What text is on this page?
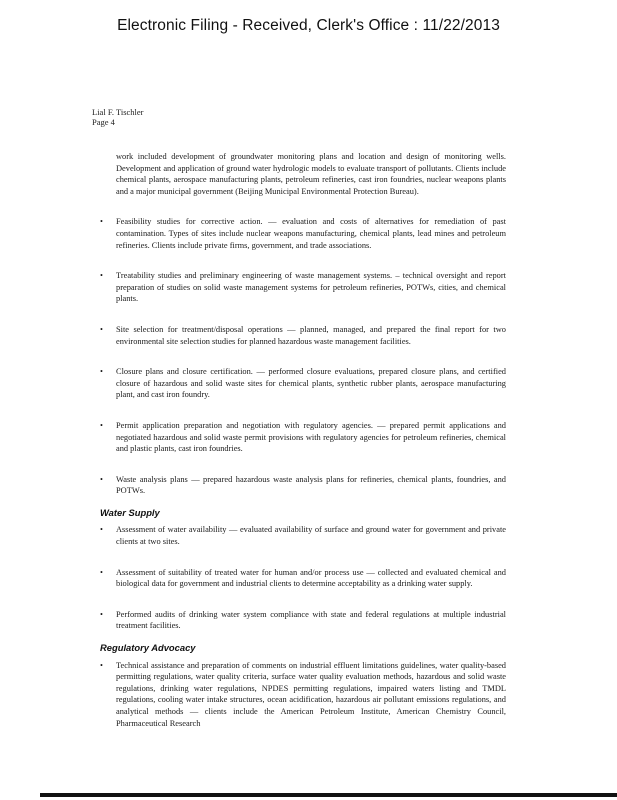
Electronic Filing - Received, Clerk's Office : 11/22/2013
Lial F. Tischler
Page 4

work included development of groundwater monitoring plans and location and design of monitoring wells. Development and application of ground water hydrologic models to evaluate transport of pollutants. Clients include chemical plants, aerospace manufacturing plants, petroleum refineries, cast iron foundries, nuclear weapons plants and a major municipal government (Beijing Municipal Environmental Protection Bureau).

•	Feasibility studies for corrective action. — evaluation and costs of alternatives for remediation of past contamination. Types of sites include nuclear weapons manufacturing, chemical plants, lead mines and petroleum refineries. Clients include private firms, government, and trade associations.
•	Treatability studies and preliminary engineering of waste management systems. – technical oversight and report preparation of studies on solid waste management systems for petroleum refineries, POTWs, cities, and chemical plants.
•	Site selection for treatment/disposal operations — planned, managed, and prepared the final report for two environmental site selection studies for planned hazardous waste management facilities.
•	Closure plans and closure certification. — performed closure evaluations, prepared closure plans, and certified closure of hazardous and solid waste sites for chemical plants, synthetic rubber plants, aerospace manufacturing plant, and cast iron foundry.
•	Permit application preparation and negotiation with regulatory agencies. — prepared permit applications and negotiated hazardous and solid waste permit provisions with regulatory agencies for petroleum refineries, chemical and plastic plants, cast iron foundries.
•	Waste analysis plans — prepared hazardous waste analysis plans for refineries, chemical plants, foundries, and POTWs.
Water Supply
•	Assessment of water availability — evaluated availability of surface and ground water for government and private clients at two sites.
•	Assessment of suitability of treated water for human and/or process use — collected and evaluated chemical and biological data for government and industrial clients to determine acceptability as a drinking water supply.
•	Performed audits of drinking water system compliance with state and federal regulations at multiple industrial treatment facilities.
Regulatory Advocacy
•	Technical assistance and preparation of comments on industrial effluent limitations guidelines, water quality-based permitting regulations, water quality criteria, surface water quality evaluation methods, hazardous and solid waste regulations, drinking water regulations, NPDES permitting regulations, impaired waters listing and TMDL regulations, cooling water intake structures, ocean acidification, hazardous air pollutant emissions regulations, and analytical methods — clients include the American Petroleum Institute, American Chemistry Council, Pharmaceutical Research
